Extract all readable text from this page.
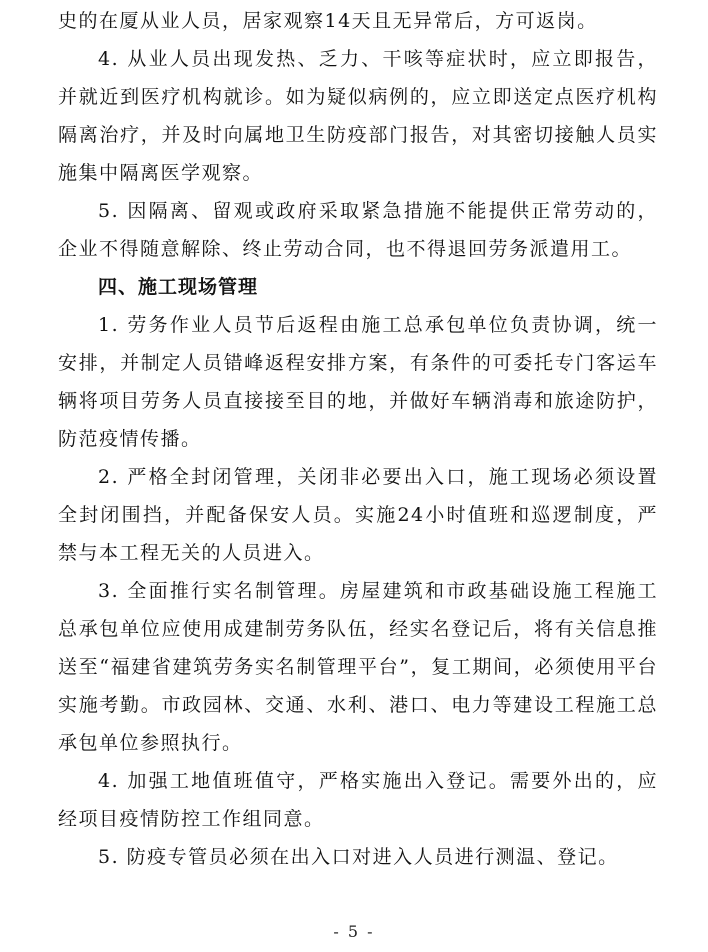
史的在厦从业人员，居家观察14天且无异常后，方可返岗。

4. 从业人员出现发热、乏力、干咳等症状时，应立即报告，并就近到医疗机构就诊。如为疑似病例的，应立即送定点医疗机构隔离治疗，并及时向属地卫生防疫部门报告，对其密切接触人员实施集中隔离医学观察。

5. 因隔离、留观或政府采取紧急措施不能提供正常劳动的，企业不得随意解除、终止劳动合同，也不得退回劳务派遣用工。

四、施工现场管理

1. 劳务作业人员节后返程由施工总承包单位负责协调，统一安排，并制定人员错峰返程安排方案，有条件的可委托专门客运车辆将项目劳务人员直接接至目的地，并做好车辆消毒和旅途防护，防范疫情传播。

2. 严格全封闭管理，关闭非必要出入口，施工现场必须设置全封闭围挡，并配备保安人员。实施24小时值班和巡逻制度，严禁与本工程无关的人员进入。

3. 全面推行实名制管理。房屋建筑和市政基础设施工程施工总承包单位应使用成建制劳务队伍，经实名登记后，将有关信息推送至“福建省建筑劳务实名制管理平台”，复工期间，必须使用平台实施考勤。市政园林、交通、水利、港口、电力等建设工程施工总承包单位参照执行。

4. 加强工地值班值守，严格实施出入登记。需要外出的，应经项目疫情防控工作组同意。

5. 防疫专管员必须在出入口对进入人员进行测温、登记。

- 5 -
